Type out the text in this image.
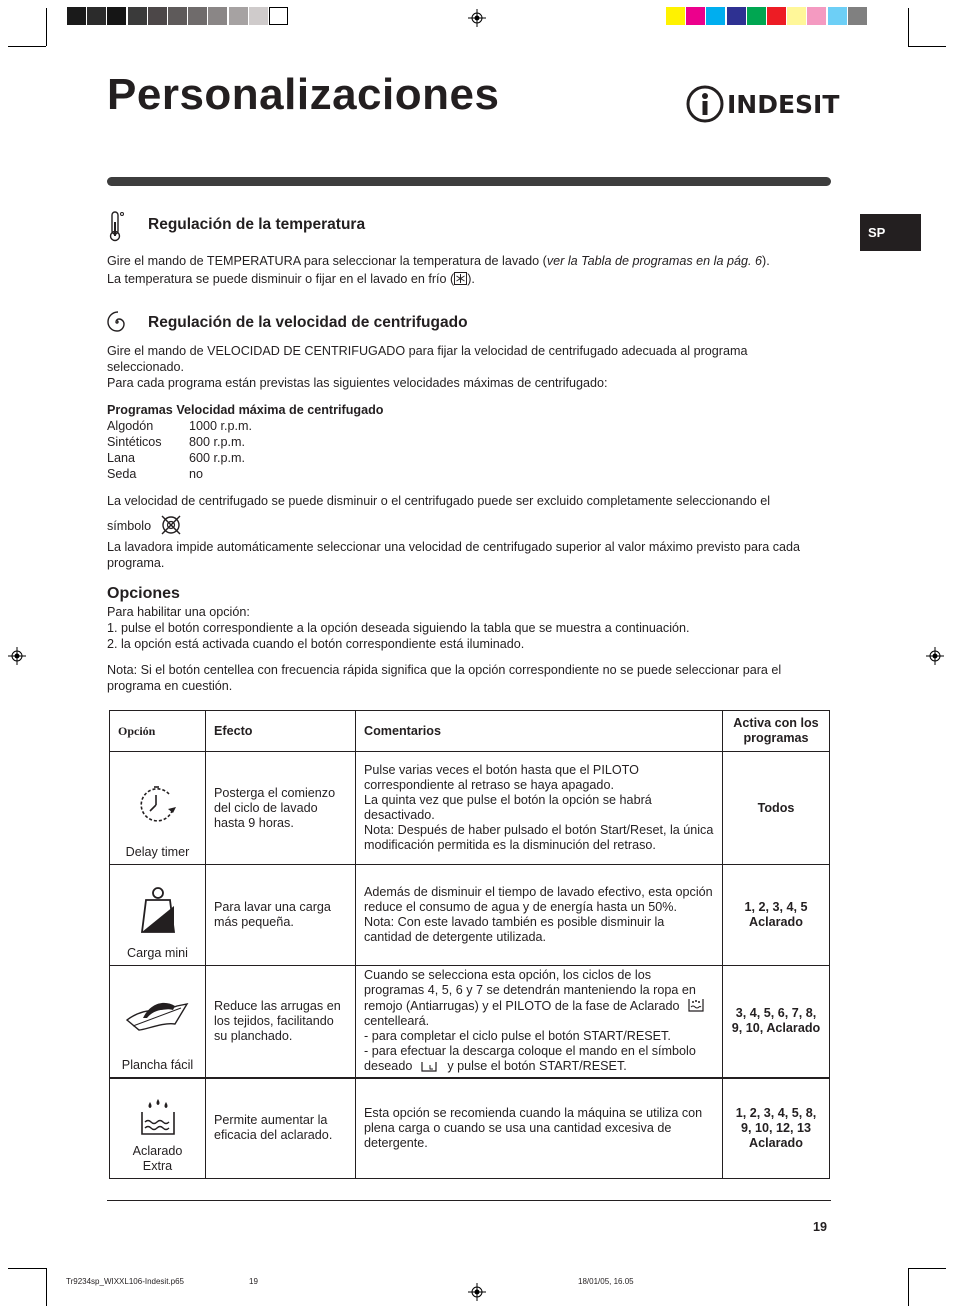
Personalizaciones	INDESIT
SP
Regulación de la temperatura
Gire el mando de TEMPERATURA para seleccionar la temperatura de lavado (ver la Tabla de programas en la pág. 6).
La temperatura se puede disminuir o fijar en el lavado en frío ( ).
Regulación de la velocidad de centrifugado
Gire el mando de VELOCIDAD DE CENTRIFUGADO para fijar la velocidad de centrifugado adecuada al programa seleccionado.
Para cada programa están previstas las siguientes velocidades máximas de centrifugado:
Programas Velocidad máxima de centrifugado
Algodón	1000 r.p.m.
Sintéticos 800 r.p.m.
Lana	600 r.p.m.
Seda	no
La velocidad de centrifugado se puede disminuir o el centrifugado puede ser excluido completamente seleccionando el
símbolo
La lavadora impide automáticamente seleccionar una velocidad de centrifugado superior al valor máximo previsto para cada programa.
Opciones
Para habilitar una opción:
1. pulse el botón correspondiente a la opción deseada siguiendo la tabla que se muestra a continuación.
2. la opción está activada cuando el botón correspondiente está iluminado.
Nota: Si el botón centellea con frecuencia rápida significa que la opción correspondiente no se puede seleccionar para el programa en cuestión.
Opción	Efecto	Comentarios	Activa con los programas

Delay timer	Posterga el comienzo del ciclo de lavado hasta 9 horas.	Pulse varias veces el botón hasta que el PILOTO correspondiente al retraso se haya apagado.
La quinta vez que pulse el botón la opción se habrá desactivado.
Nota: Después de haber pulsado el botón Start/Reset, la única modificación permitida es la disminución del retraso.	Todos

Carga mini	Para lavar una carga más pequeña.	Además de disminuir el tiempo de lavado efectivo, esta opción reduce el consumo de agua y de energía hasta un 50%.
Nota: Con este lavado también es posible disminuir la cantidad de detergente utilizada.	1, 2, 3, 4, 5 Aclarado

Plancha fácil	Reduce las arrugas en los tejidos, facilitando su planchado.	Cuando se selecciona esta opción, los ciclos de los programas 4, 5, 6 y 7 se detendrán manteniendo la ropa en remojo (Antiarrugas) y el PILOTO de la fase de Aclarado  centelleará.
- para completar el ciclo pulse el botón START/RESET.
- para efectuar la descarga coloque el mando en el símbolo deseado y pulse el botón START/RESET.	3, 4, 5, 6, 7, 8, 9, 10, Aclarado

Aclarado Extra	Permite aumentar la eficacia del aclarado.	Esta opción se recomienda cuando la máquina se utiliza con plena carga o cuando se usa una cantidad excesiva de detergente.	1, 2, 3, 4, 5, 8, 9, 10, 12, 13 Aclarado
19
Tr9234sp_WIXXL106-Indesit.p65	19	18/01/05, 16.05
